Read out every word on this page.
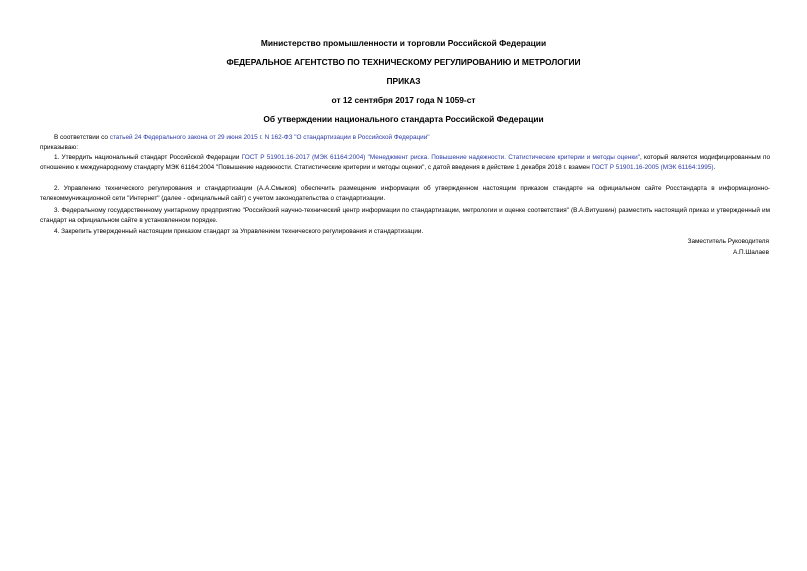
Министерство промышленности и торговли Российской Федерации
ФЕДЕРАЛЬНОЕ АГЕНТСТВО ПО ТЕХНИЧЕСКОМУ РЕГУЛИРОВАНИЮ И МЕТРОЛОГИИ
ПРИКАЗ
от 12 сентября 2017 года N 1059-ст
Об утверждении национального стандарта Российской Федерации
В соответствии со статьей 24 Федерального закона от 29 июня 2015 г. N 162-ФЗ "О стандартизации в Российской Федерации"
приказываю:
1. Утвердить национальный стандарт Российской Федерации ГОСТ Р 51901.16-2017 (МЭК 61164:2004) "Менеджмент риска. Повышение надежности. Статистические критерии и методы оценки", который является модифицированным по отношению к международному стандарту МЭК 61164:2004 "Повышение надежности. Статистические критерии и методы оценки", с датой введения в действие 1 декабря 2018 г. взамен ГОСТ Р 51901.16-2005 (МЭК 61164:1995).
2. Управлению технического регулирования и стандартизации (А.А.Смыков) обеспечить размещение информации об утвержденном настоящим приказом стандарте на официальном сайте Росстандарта в информационно-телекоммуникационной сети "Интернет" (далее - официальный сайт) с учетом законодательства о стандартизации.
3. Федеральному государственному унитарному предприятию "Российский научно-технический центр информации по стандартизации, метрологии и оценке соответствия" (В.А.Витушкин) разместить настоящий приказ и утвержденный им стандарт на официальном сайте в установленном порядке.
4. Закрепить утвержденный настоящим приказом стандарт за Управлением технического регулирования и стандартизации.
Заместитель Руководителя
А.П.Шалаев
